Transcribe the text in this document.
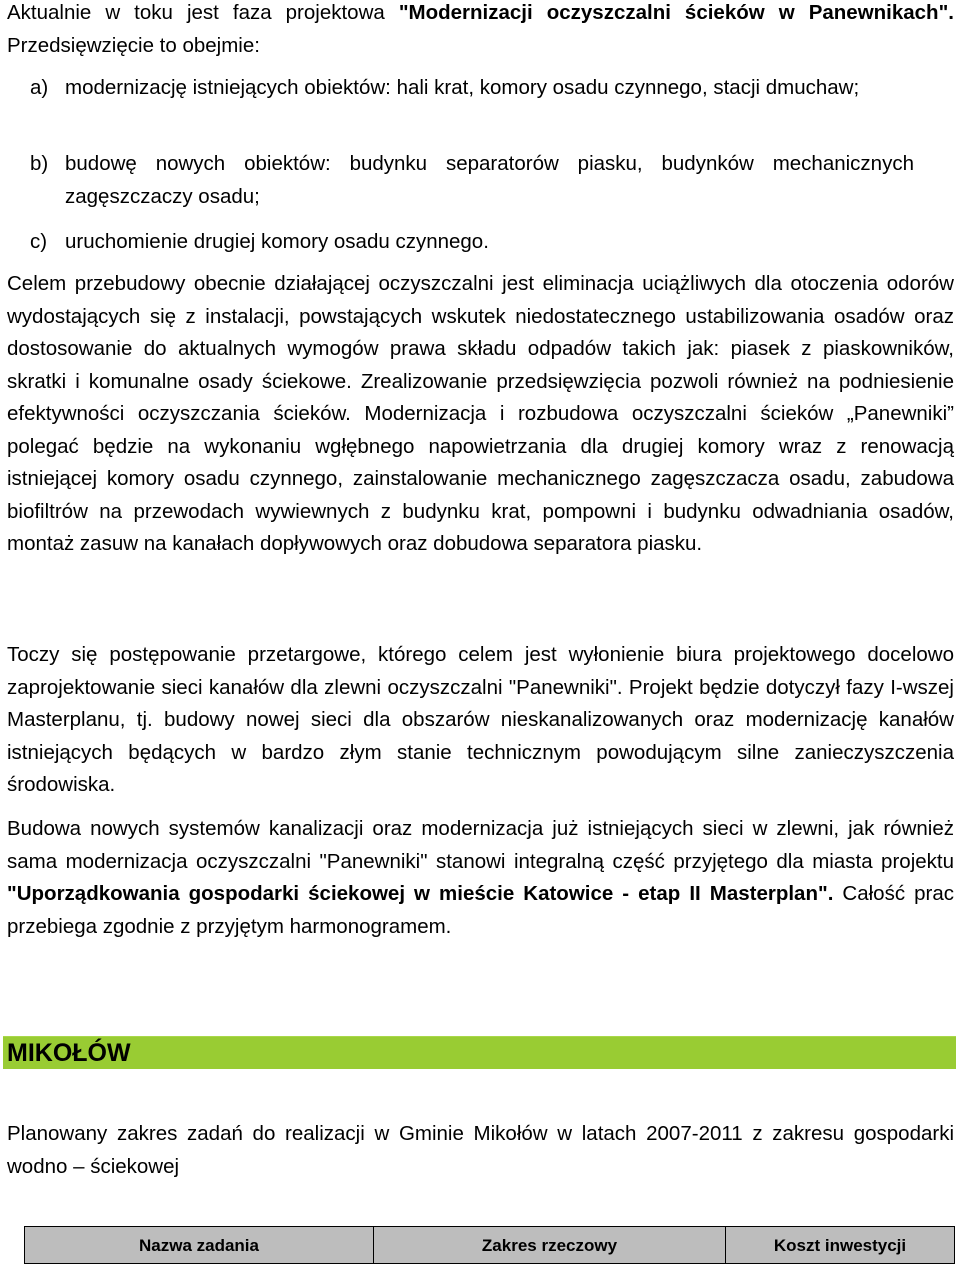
Aktualnie w toku jest faza projektowa "Modernizacji oczyszczalni ścieków w Panewnikach". Przedsięwzięcie to obejmie:

a) modernizację istniejących obiektów: hali krat, komory osadu czynnego, stacji dmuchaw;
b) budowę nowych obiektów: budynku separatorów piasku, budynków mechanicznych zagęszczaczy osadu;
c) uruchomienie drugiej komory osadu czynnego.

Celem przebudowy obecnie działającej oczyszczalni jest eliminacja uciążliwych dla otoczenia odorów wydostających się z instalacji, powstających wskutek niedostatecznego ustabilizowania osadów oraz dostosowanie do aktualnych wymogów prawa składu odpadów takich jak: piasek z piaskowników, skratki i komunalne osady ściekowe. Zrealizowanie przedsięwzięcia pozwoli również na podniesienie efektywności oczyszczania ścieków. Modernizacja i rozbudowa oczyszczalni ścieków „Panewniki” polegać będzie na wykonaniu wgłębnego napowietrzania dla drugiej komory wraz z renowacją istniejącej komory osadu czynnego, zainstalowanie mechanicznego zagęszczacza osadu, zabudowa biofiltrów na przewodach wywiewnych z budynku krat, pompowni i budynku odwadniania osadów, montaż zasuw na kanałach dopływowych oraz dobudowa separatora piasku.

Toczy się postępowanie przetargowe, którego celem jest wyłonienie biura projektowego docelowo zaprojektowanie sieci kanałów dla zlewni oczyszczalni "Panewniki". Projekt będzie dotyczył fazy I-wszej Masterplanu, tj. budowy nowej sieci dla obszarów nieskanalizowanych oraz modernizację kanałów istniejących będących w bardzo złym stanie technicznym powodującym silne zanieczyszczenia środowiska.

Budowa nowych systemów kanalizacji oraz modernizacja już istniejących sieci w zlewni, jak również sama modernizacja oczyszczalni "Panewniki" stanowi integralną część przyjętego dla miasta projektu "Uporządkowania gospodarki ściekowej w mieście Katowice - etap II Masterplan". Całość prac przebiega zgodnie z przyjętym harmonogramem.

MIKOŁÓW

Planowany zakres zadań do realizacji w Gminie Mikołów w latach 2007-2011 z zakresu gospodarki wodno – ściekowej

Nazwa zadania	Zakres rzeczowy	Koszt inwestycji
